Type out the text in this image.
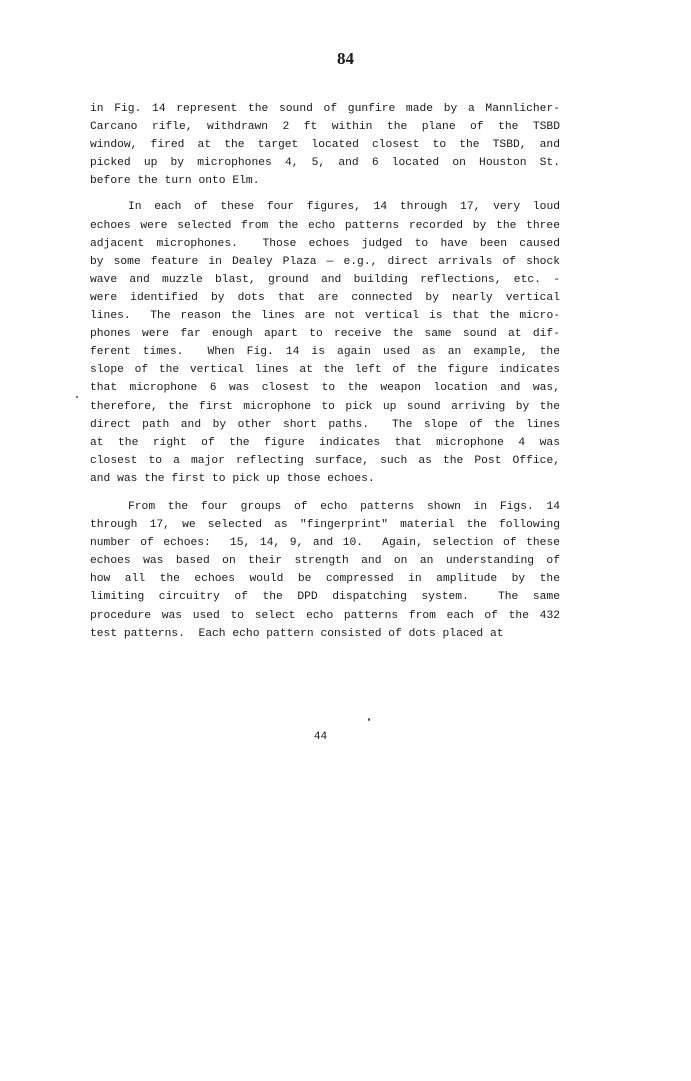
84
in Fig. 14 represent the sound of gunfire made by a Mannlicher-
Carcano rifle, withdrawn 2 ft within the plane of the TSBD
window, fired at the target located closest to the TSBD, and
picked up by microphones 4, 5, and 6 located on Houston St.
before the turn onto Elm.
In each of these four figures, 14 through 17, very loud
echoes were selected from the echo patterns recorded by the three
adjacent microphones.  Those echoes judged to have been caused
by some feature in Dealey Plaza — e.g., direct arrivals of shock
wave and muzzle blast, ground and building reflections, etc. -
were identified by dots that are connected by nearly vertical
lines.  The reason the lines are not vertical is that the micro-
phones were far enough apart to receive the same sound at dif-
ferent times.  When Fig. 14 is again used as an example, the
slope of the vertical lines at the left of the figure indicates
that microphone 6 was closest to the weapon location and was,
therefore, the first microphone to pick up sound arriving by the
direct path and by other short paths.  The slope of the lines
at the right of the figure indicates that microphone 4 was
closest to a major reflecting surface, such as the Post Office,
and was the first to pick up those echoes.
From the four groups of echo patterns shown in Figs. 14
through 17, we selected as "fingerprint" material the following
number of echoes:  15, 14, 9, and 10.  Again, selection of these
echoes was based on their strength and on an understanding of
how all the echoes would be compressed in amplitude by the
limiting circuitry of the DPD dispatching system.  The same
procedure was used to select echo patterns from each of the 432
test patterns.  Each echo pattern consisted of dots placed at
44
